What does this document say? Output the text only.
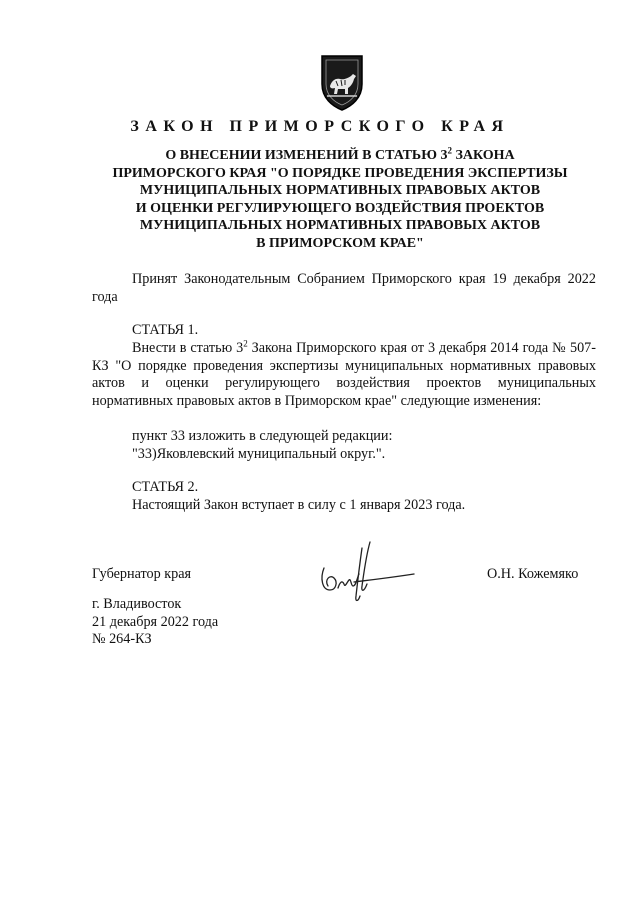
ЗАКОН ПРИМОРСКОГО КРАЯ
О ВНЕСЕНИИ ИЗМЕНЕНИЙ В СТАТЬЮ $3^2$ ЗАКОНА
ПРИМОРСКОГО КРАЯ "О ПОРЯДКЕ ПРОВЕДЕНИЯ ЭКСПЕРТИЗЫ
МУНИЦИПАЛЬНЫХ НОРМАТИВНЫХ ПРАВОВЫХ АКТОВ
И ОЦЕНКИ РЕГУЛИРУЮЩЕГО ВОЗДЕЙСТВИЯ ПРОЕКТОВ
МУНИЦИПАЛЬНЫХ НОРМАТИВНЫХ ПРАВОВЫХ АКТОВ
В ПРИМОРСКОМ КРАЕ"
Принят Законодательным Собранием Приморского края 19 декабря 2022 года
СТАТЬЯ 1.
Внести в статью $3^2$ Закона Приморского края от 3 декабря 2014 года № 507-КЗ "О порядке проведения экспертизы муниципальных нормативных правовых актов и оценки регулирующего воздействия проектов муниципальных нормативных правовых актов в Приморском крае" следующие изменения:
пункт 33 изложить в следующей редакции:
"33)Яковлевский муниципальный округ.".
СТАТЬЯ 2.
Настоящий Закон вступает в силу с 1 января 2023 года.
Губернатор края	О.Н. Кожемяко
г. Владивосток
21 декабря 2022 года
№ 264-КЗ
